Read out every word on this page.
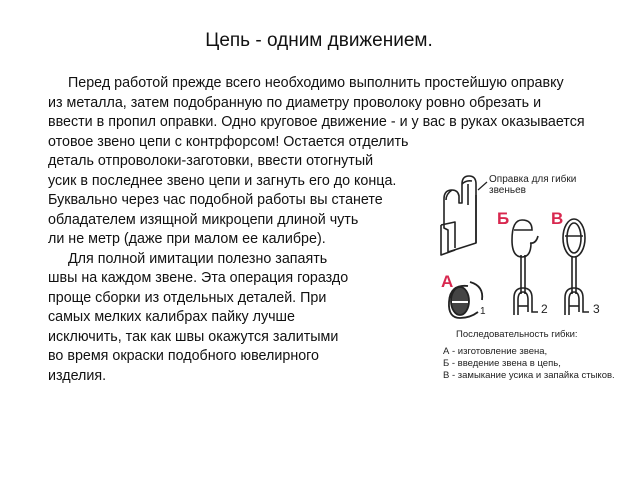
Цепь - одним движением.
Перед работой прежде всего необходимо выполнить простейшую оправку
из металла, затем подобранную по диаметру проволоку ровно обрезать и
ввести в пропил оправки. Одно круговое движение - и у вас в руках оказывается
отовое звено цепи с контрфорсом! Остается отделить
деталь отпроволоки-заготовки, ввести отогнутый
усик в последнее звено цепи и загнуть его до конца.
Буквально через час подобной работы вы станете
обладателем изящной микроцепи длиной чуть
ли не метр (даже при малом ее калибре).
Для полной имитации полезно запаять
швы на каждом звене. Эта операция гораздо
проще сборки из отдельных деталей. При
самых мелких калибрах пайку лучше
исключить, так как швы окажутся залитыми
во время окраски подобного ювелирного
изделия.
Оправка для гибки
звеньев
А
Б В
1	2	3
Последовательность гибки:
А - изготовление звена,
Б - введение звена в цепь,
В - замыкание усика и запайка стыков.
